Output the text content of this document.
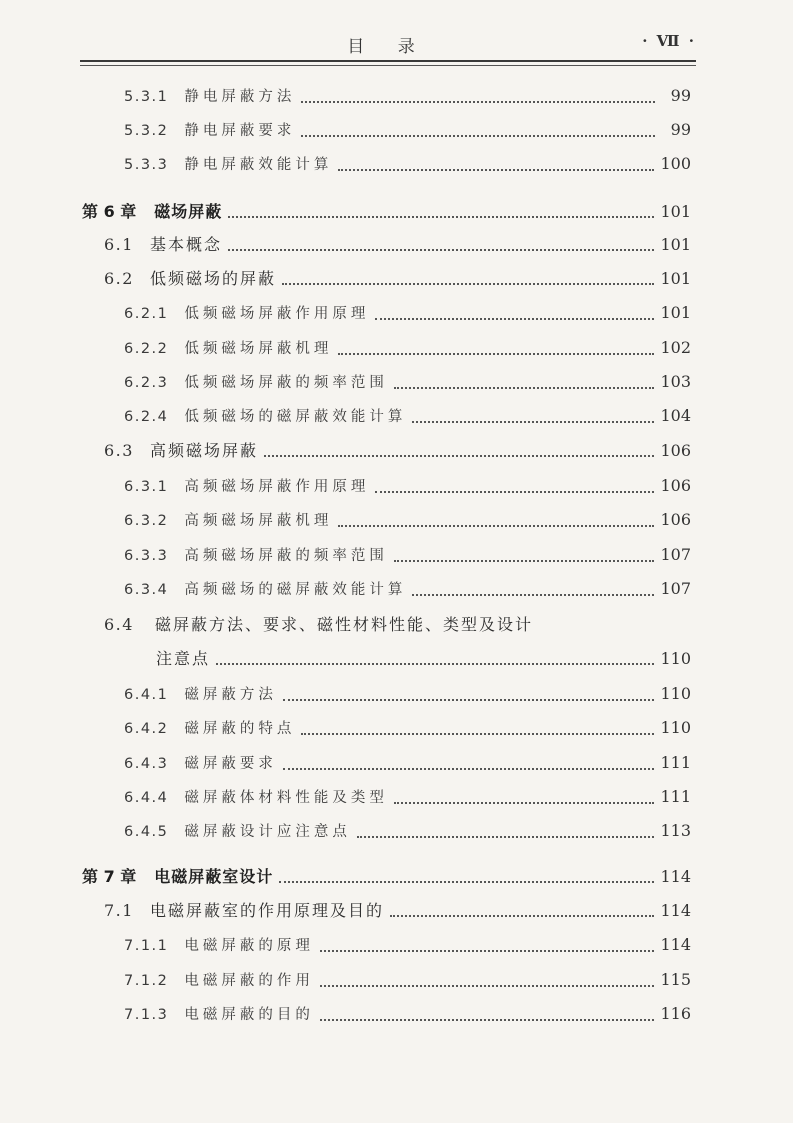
目 录	· Ⅶ ·
5.3.1 静电屏蔽方法	99
5.3.2 静电屏蔽要求	99
5.3.3 静电屏蔽效能计算	100
第 6 章 磁场屏蔽	101
6.1 基本概念	101
6.2 低频磁场的屏蔽	101
6.2.1 低频磁场屏蔽作用原理	101
6.2.2 低频磁场屏蔽机理	102
6.2.3 低频磁场屏蔽的频率范围	103
6.2.4 低频磁场的磁屏蔽效能计算	104
6.3 高频磁场屏蔽	106
6.3.1 高频磁场屏蔽作用原理	106
6.3.2 高频磁场屏蔽机理	106
6.3.3 高频磁场屏蔽的频率范围	107
6.3.4 高频磁场的磁屏蔽效能计算	107
6.4 磁屏蔽方法、要求、磁性材料性能、类型及设计
注意点	110
6.4.1 磁屏蔽方法	110
6.4.2 磁屏蔽的特点	110
6.4.3 磁屏蔽要求	111
6.4.4 磁屏蔽体材料性能及类型	111
6.4.5 磁屏蔽设计应注意点	113
第 7 章 电磁屏蔽室设计	114
7.1 电磁屏蔽室的作用原理及目的	114
7.1.1 电磁屏蔽的原理	114
7.1.2 电磁屏蔽的作用	115
7.1.3 电磁屏蔽的目的	116
